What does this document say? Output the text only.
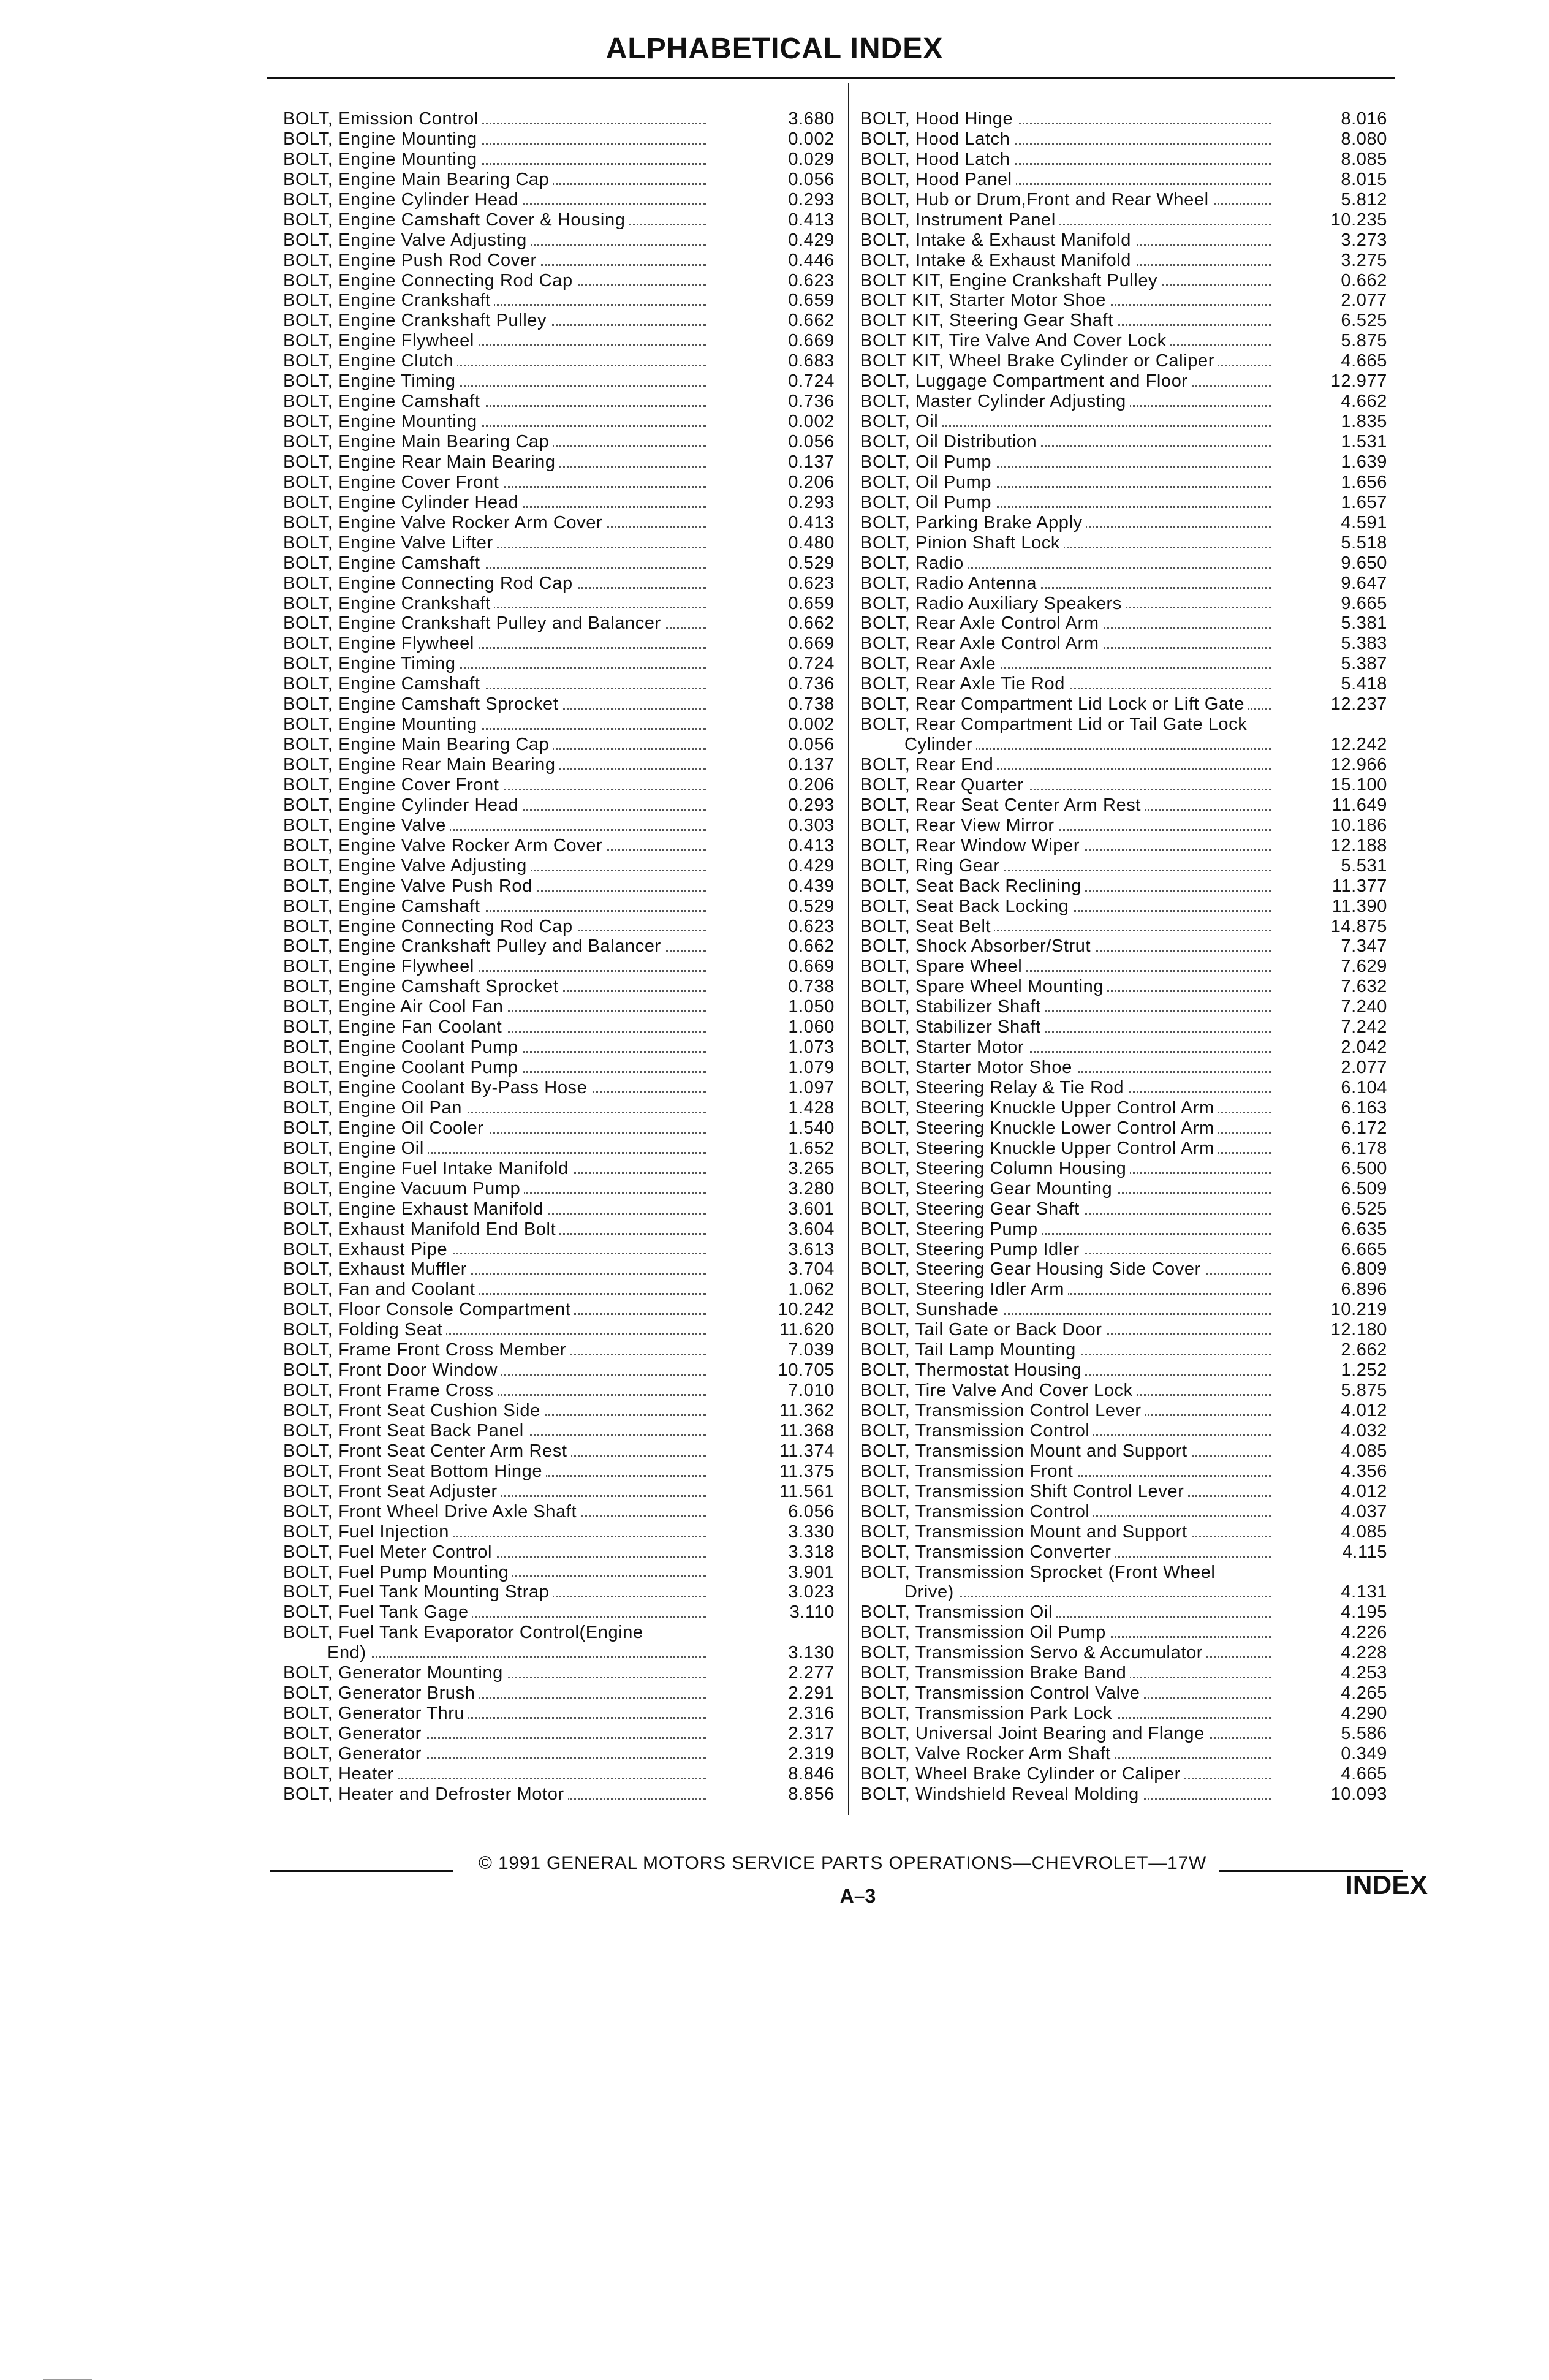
ALPHABETICAL INDEX
BOLT, Emission Control	3.680
BOLT, Engine Mounting	0.002
BOLT, Engine Mounting	0.029
BOLT, Engine Main Bearing Cap	0.056
BOLT, Engine Cylinder Head	0.293
BOLT, Engine Camshaft Cover & Housing	0.413
BOLT, Engine Valve Adjusting	0.429
BOLT, Engine Push Rod Cover	0.446
BOLT, Engine Connecting Rod Cap	0.623
BOLT, Engine Crankshaft	0.659
BOLT, Engine Crankshaft Pulley	0.662
BOLT, Engine Flywheel	0.669
BOLT, Engine Clutch	0.683
BOLT, Engine Timing	0.724
BOLT, Engine Camshaft	0.736
BOLT, Engine Mounting	0.002
BOLT, Engine Main Bearing Cap	0.056
BOLT, Engine Rear Main Bearing	0.137
BOLT, Engine Cover Front	0.206
BOLT, Engine Cylinder Head	0.293
BOLT, Engine Valve Rocker Arm Cover	0.413
BOLT, Engine Valve Lifter	0.480
BOLT, Engine Camshaft	0.529
BOLT, Engine Connecting Rod Cap	0.623
BOLT, Engine Crankshaft	0.659
BOLT, Engine Crankshaft Pulley and Balancer	0.662
BOLT, Engine Flywheel	0.669
BOLT, Engine Timing	0.724
BOLT, Engine Camshaft	0.736
BOLT, Engine Camshaft Sprocket	0.738
BOLT, Engine Mounting	0.002
BOLT, Engine Main Bearing Cap	0.056
BOLT, Engine Rear Main Bearing	0.137
BOLT, Engine Cover Front	0.206
BOLT, Engine Cylinder Head	0.293
BOLT, Engine Valve	0.303
BOLT, Engine Valve Rocker Arm Cover	0.413
BOLT, Engine Valve Adjusting	0.429
BOLT, Engine Valve Push Rod	0.439
BOLT, Engine Camshaft	0.529
BOLT, Engine Connecting Rod Cap	0.623
BOLT, Engine Crankshaft Pulley and Balancer	0.662
BOLT, Engine Flywheel	0.669
BOLT, Engine Camshaft Sprocket	0.738
BOLT, Engine Air Cool Fan	1.050
BOLT, Engine Fan Coolant	1.060
BOLT, Engine Coolant Pump	1.073
BOLT, Engine Coolant Pump	1.079
BOLT, Engine Coolant By-Pass Hose	1.097
BOLT, Engine Oil Pan	1.428
BOLT, Engine Oil Cooler	1.540
BOLT, Engine Oil	1.652
BOLT, Engine Fuel Intake Manifold	3.265
BOLT, Engine Vacuum Pump	3.280
BOLT, Engine Exhaust Manifold	3.601
BOLT, Exhaust Manifold End Bolt	3.604
BOLT, Exhaust Pipe	3.613
BOLT, Exhaust Muffler	3.704
BOLT, Fan and Coolant	1.062
BOLT, Floor Console Compartment	10.242
BOLT, Folding Seat	11.620
BOLT, Frame Front Cross Member	7.039
BOLT, Front Door Window	10.705
BOLT, Front Frame Cross	7.010
BOLT, Front Seat Cushion Side	11.362
BOLT, Front Seat Back Panel	11.368
BOLT, Front Seat Center Arm Rest	11.374
BOLT, Front Seat Bottom Hinge	11.375
BOLT, Front Seat Adjuster	11.561
BOLT, Front Wheel Drive Axle Shaft	6.056
BOLT, Fuel Injection	3.330
BOLT, Fuel Meter Control	3.318
BOLT, Fuel Pump Mounting	3.901
BOLT, Fuel Tank Mounting Strap	3.023
BOLT, Fuel Tank Gage	3.110
BOLT, Fuel Tank Evaporator Control(Engine
End)	3.130
BOLT, Generator Mounting	2.277
BOLT, Generator Brush	2.291
BOLT, Generator Thru	2.316
BOLT, Generator	2.317
BOLT, Generator	2.319
BOLT, Heater	8.846
BOLT, Heater and Defroster Motor	8.856
BOLT, Hood Hinge	8.016
BOLT, Hood Latch	8.080
BOLT, Hood Latch	8.085
BOLT, Hood Panel	8.015
BOLT, Hub or Drum,Front and Rear Wheel	5.812
BOLT, Instrument Panel	10.235
BOLT, Intake & Exhaust Manifold	3.273
BOLT, Intake & Exhaust Manifold	3.275
BOLT KIT, Engine Crankshaft Pulley	0.662
BOLT KIT, Starter Motor Shoe	2.077
BOLT KIT, Steering Gear Shaft	6.525
BOLT KIT, Tire Valve And Cover Lock	5.875
BOLT KIT, Wheel Brake Cylinder or Caliper	4.665
BOLT, Luggage Compartment and Floor	12.977
BOLT, Master Cylinder Adjusting	4.662
BOLT, Oil	1.835
BOLT, Oil Distribution	1.531
BOLT, Oil Pump	1.639
BOLT, Oil Pump	1.656
BOLT, Oil Pump	1.657
BOLT, Parking Brake Apply	4.591
BOLT, Pinion Shaft Lock	5.518
BOLT, Radio	9.650
BOLT, Radio Antenna	9.647
BOLT, Radio Auxiliary Speakers	9.665
BOLT, Rear Axle Control Arm	5.381
BOLT, Rear Axle Control Arm	5.383
BOLT, Rear Axle	5.387
BOLT, Rear Axle Tie Rod	5.418
BOLT, Rear Compartment Lid Lock or Lift Gate	12.237
BOLT, Rear Compartment Lid or Tail Gate Lock
Cylinder	12.242
BOLT, Rear End	12.966
BOLT, Rear Quarter	15.100
BOLT, Rear Seat Center Arm Rest	11.649
BOLT, Rear View Mirror	10.186
BOLT, Rear Window Wiper	12.188
BOLT, Ring Gear	5.531
BOLT, Seat Back Reclining	11.377
BOLT, Seat Back Locking	11.390
BOLT, Seat Belt	14.875
BOLT, Shock Absorber/Strut	7.347
BOLT, Spare Wheel	7.629
BOLT, Spare Wheel Mounting	7.632
BOLT, Stabilizer Shaft	7.240
BOLT, Stabilizer Shaft	7.242
BOLT, Starter Motor	2.042
BOLT, Starter Motor Shoe	2.077
BOLT, Steering Relay & Tie Rod	6.104
BOLT, Steering Knuckle Upper Control Arm	6.163
BOLT, Steering Knuckle Lower Control Arm	6.172
BOLT, Steering Knuckle Upper Control Arm	6.178
BOLT, Steering Column Housing	6.500
BOLT, Steering Gear Mounting	6.509
BOLT, Steering Gear Shaft	6.525
BOLT, Steering Pump	6.635
BOLT, Steering Pump Idler	6.665
BOLT, Steering Gear Housing Side Cover	6.809
BOLT, Steering Idler Arm	6.896
BOLT, Sunshade	10.219
BOLT, Tail Gate or Back Door	12.180
BOLT, Tail Lamp Mounting	2.662
BOLT, Thermostat Housing	1.252
BOLT, Tire Valve And Cover Lock	5.875
BOLT, Transmission Control Lever	4.012
BOLT, Transmission Control	4.032
BOLT, Transmission Mount and Support	4.085
BOLT, Transmission Front	4.356
BOLT, Transmission Shift Control Lever	4.012
BOLT, Transmission Control	4.037
BOLT, Transmission Mount and Support	4.085
BOLT, Transmission Converter	4.115
BOLT, Transmission Sprocket (Front Wheel
Drive)	4.131
BOLT, Transmission Oil	4.195
BOLT, Transmission Oil Pump	4.226
BOLT, Transmission Servo & Accumulator	4.228
BOLT, Transmission Brake Band	4.253
BOLT, Transmission Control Valve	4.265
BOLT, Transmission Park Lock	4.290
BOLT, Universal Joint Bearing and Flange	5.586
BOLT, Valve Rocker Arm Shaft	0.349
BOLT, Wheel Brake Cylinder or Caliper	4.665
BOLT, Windshield Reveal Molding	10.093
© 1991 GENERAL MOTORS SERVICE PARTS OPERATIONS—CHEVROLET—17W
A–3	INDEX
